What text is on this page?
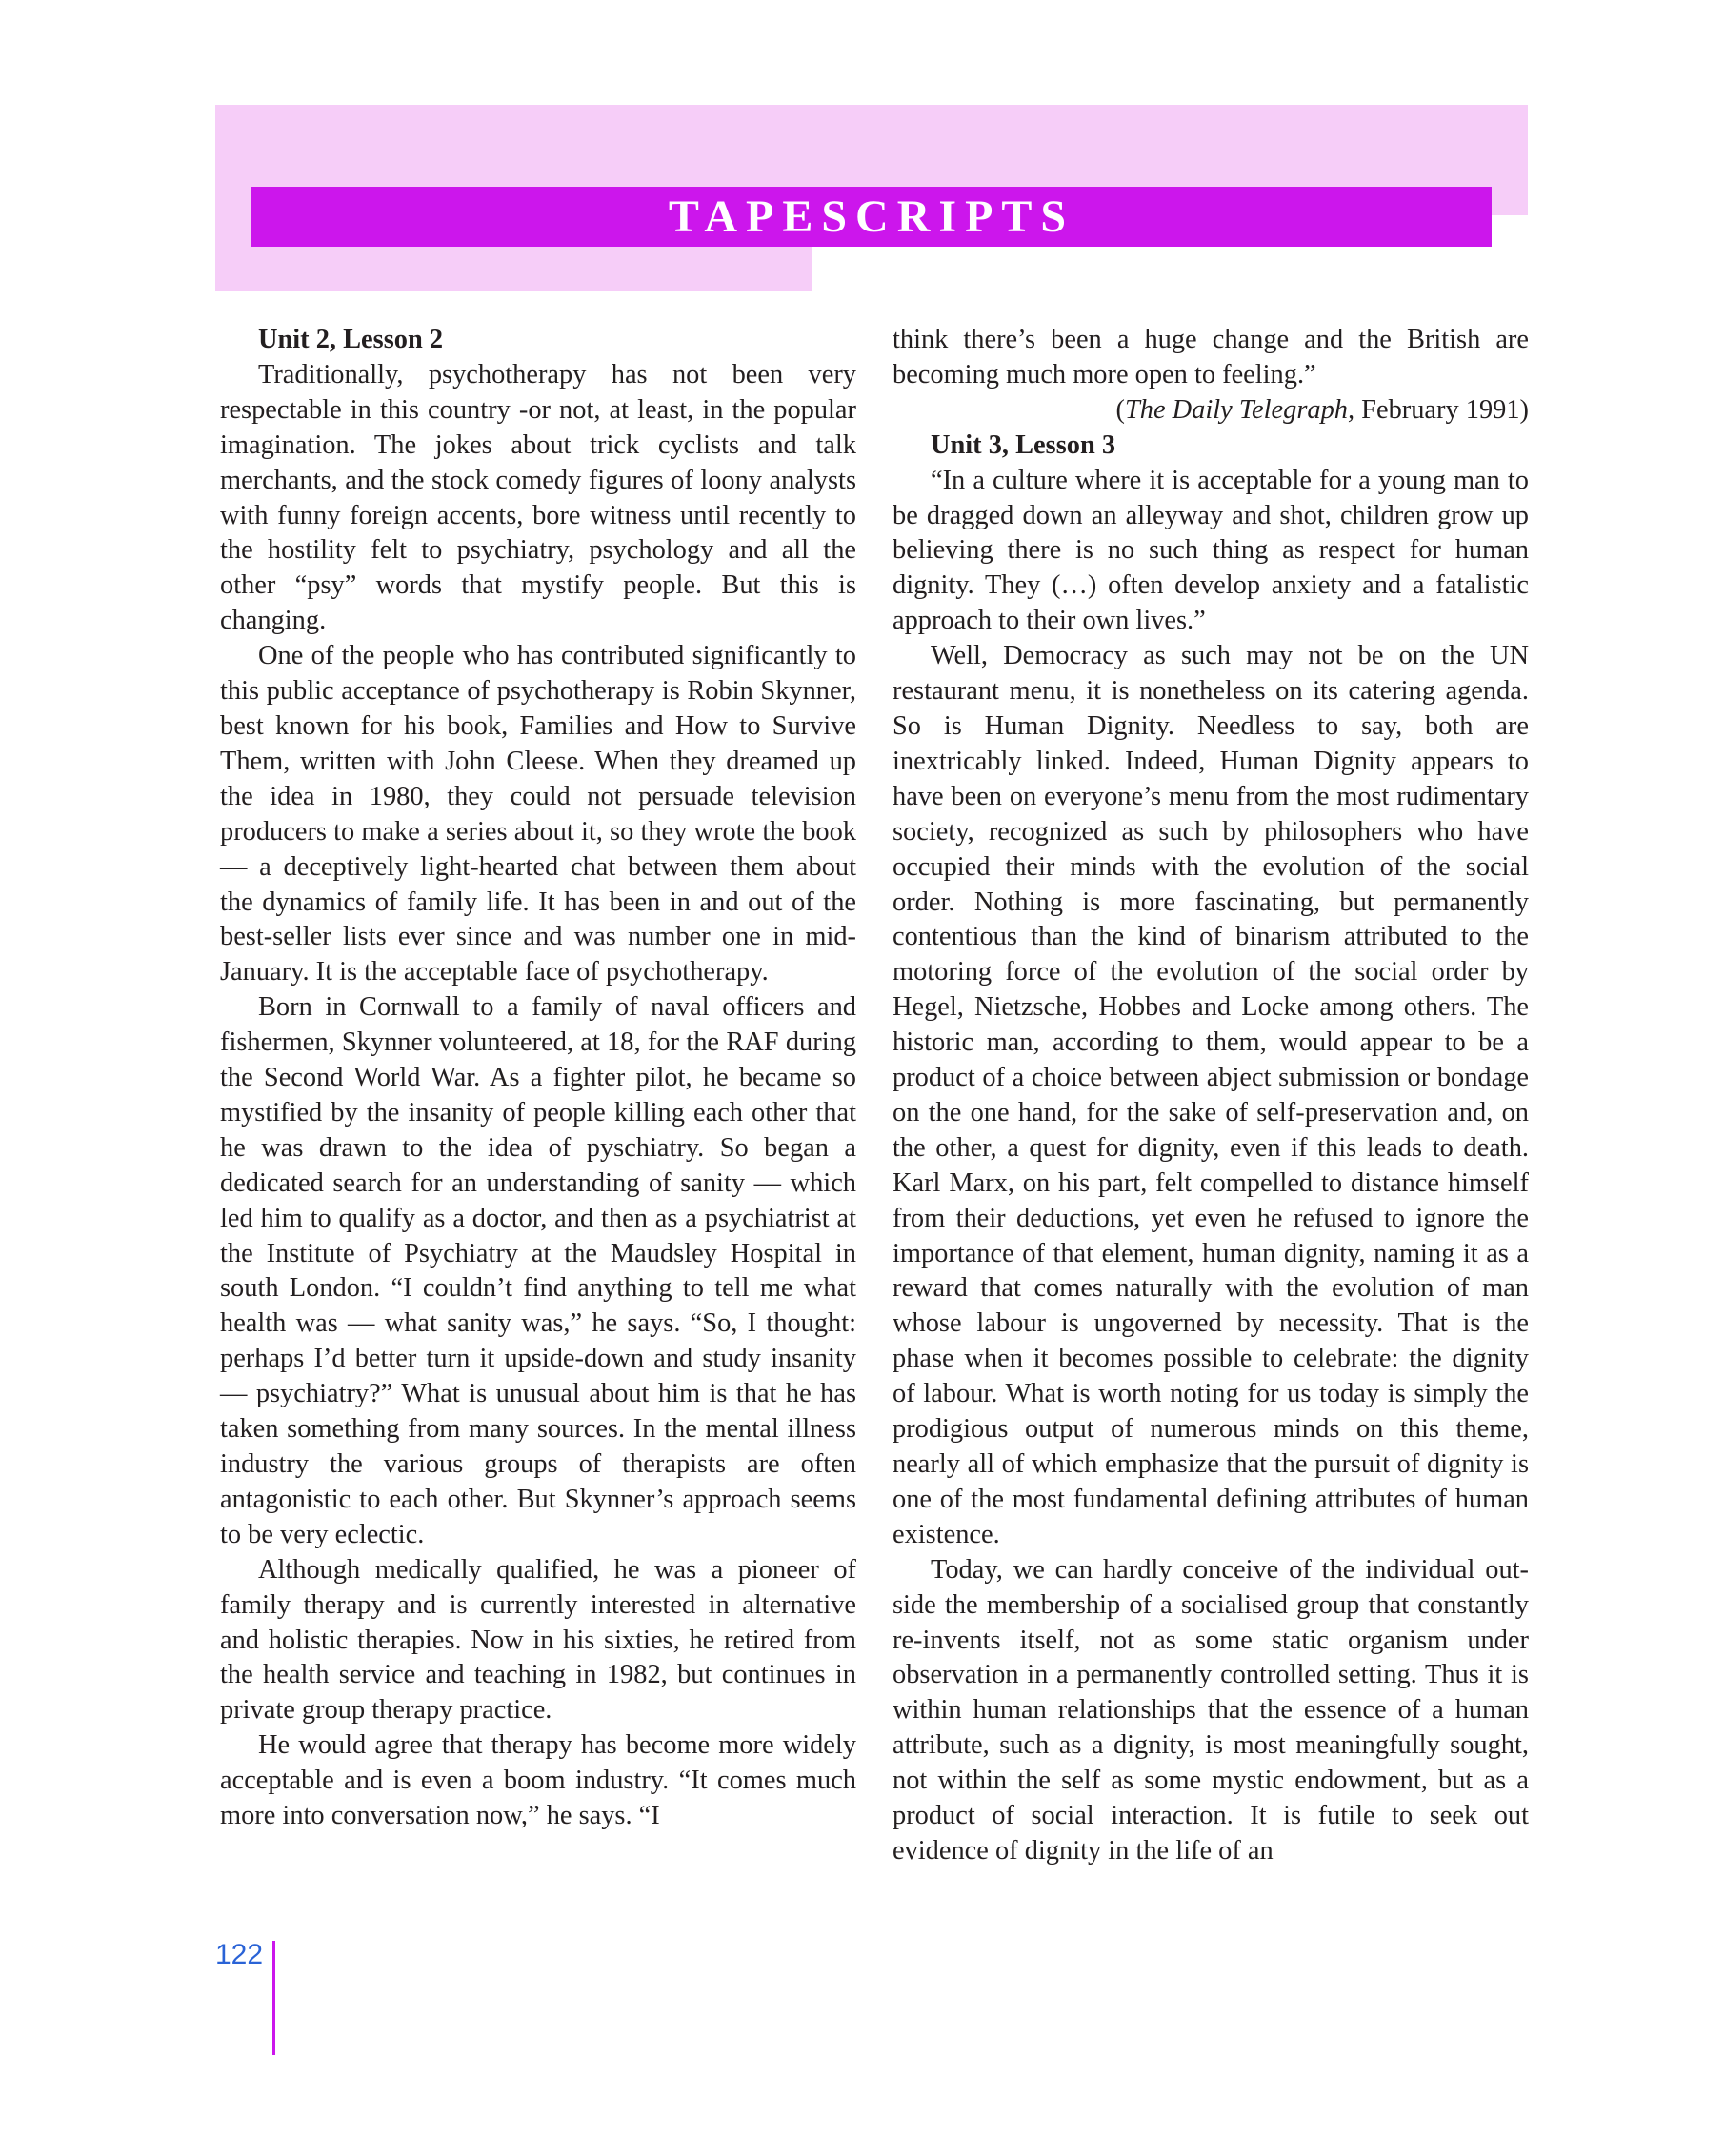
TAPESCRIPTS
Unit 2, Lesson 2

Traditionally, psychotherapy has not been very respectable in this country -or not, at least, in the popular imagination. The jokes about trick cyclists and talk merchants, and the stock comedy figures of loony analysts with funny foreign accents, bore witness until recently to the hostility felt to psychiatry, psychology and all the other “psy” words that mystify people. But this is changing.

One of the people who has contributed significantly to this public acceptance of psychotherapy is Robin Skynner, best known for his book, Families and How to Survive Them, written with John Cleese. When they dreamed up the idea in 1980, they could not persuade television producers to make a series about it, so they wrote the book — a deceptively light-hearted chat between them about the dynamics of family life. It has been in and out of the best-seller lists ever since and was number one in mid-January. It is the acceptable face of psychotherapy.

Born in Cornwall to a family of naval officers and fishermen, Skynner volunteered, at 18, for the RAF during the Second World War. As a fighter pilot, he became so mystified by the insanity of people killing each other that he was drawn to the idea of pyschiatry. So began a dedicated search for an understanding of sanity — which led him to qualify as a doctor, and then as a psychiatrist at the Institute of Psychiatry at the Maudsley Hospital in south London. “I couldn’t find anything to tell me what health was — what sanity was,” he says. “So, I thought: perhaps I’d better turn it upside-down and study insanity — psychiatry?” What is unusual about him is that he has taken something from many sources. In the mental illness industry the various groups of therapists are often antagonistic to each other. But Skynner’s approach seems to be very eclectic.

Although medically qualified, he was a pioneer of family therapy and is currently interested in alternative and holistic therapies. Now in his sixties, he retired from the health service and teaching in 1982, but continues in private group therapy practice.

He would agree that therapy has become more widely acceptable and is even a boom industry. “It comes much more into conversation now,” he says. “I

think there’s been a huge change and the British are becoming much more open to feeling.”

(The Daily Telegraph, February 1991)
Unit 3, Lesson 3

“In a culture where it is acceptable for a young man to be dragged down an alleyway and shot, children grow up believing there is no such thing as respect for human dignity. They (…) often develop anxiety and a fatalistic approach to their own lives.”

Well, Democracy as such may not be on the UN restaurant menu, it is nonetheless on its catering agenda. So is Human Dignity. Needless to say, both are inextricably linked. Indeed, Human Dignity appears to have been on everyone’s menu from the most rudimentary society, recognized as such by philosophers who have occupied their minds with the evolution of the social order. Nothing is more fascinating, but permanently contentious than the kind of binarism attributed to the motoring force of the evolution of the social order by Hegel, Nietzsche, Hobbes and Locke among others. The historic man, according to them, would appear to be a product of a choice between abject submission or bondage on the one hand, for the sake of self-preservation and, on the other, a quest for dignity, even if this leads to death. Karl Marx, on his part, felt compelled to distance himself from their deductions, yet even he refused to ignore the importance of that element, human dignity, naming it as a reward that comes naturally with the evolution of man whose labour is ungoverned by necessity. That is the phase when it becomes possible to celebrate: the dignity of labour. What is worth noting for us today is simply the prodigious output of numerous minds on this theme, nearly all of which emphasize that the pursuit of dignity is one of the most fundamental defining attributes of human existence.

Today, we can hardly conceive of the individual out-side the membership of a socialised group that constantly re-invents itself, not as some static organism under observation in a permanently controlled setting. Thus it is within human relationships that the essence of a human attribute, such as a dignity, is most meaningfully sought, not within the self as some mystic endowment, but as a product of social interaction. It is futile to seek out evidence of dignity in the life of an

122
